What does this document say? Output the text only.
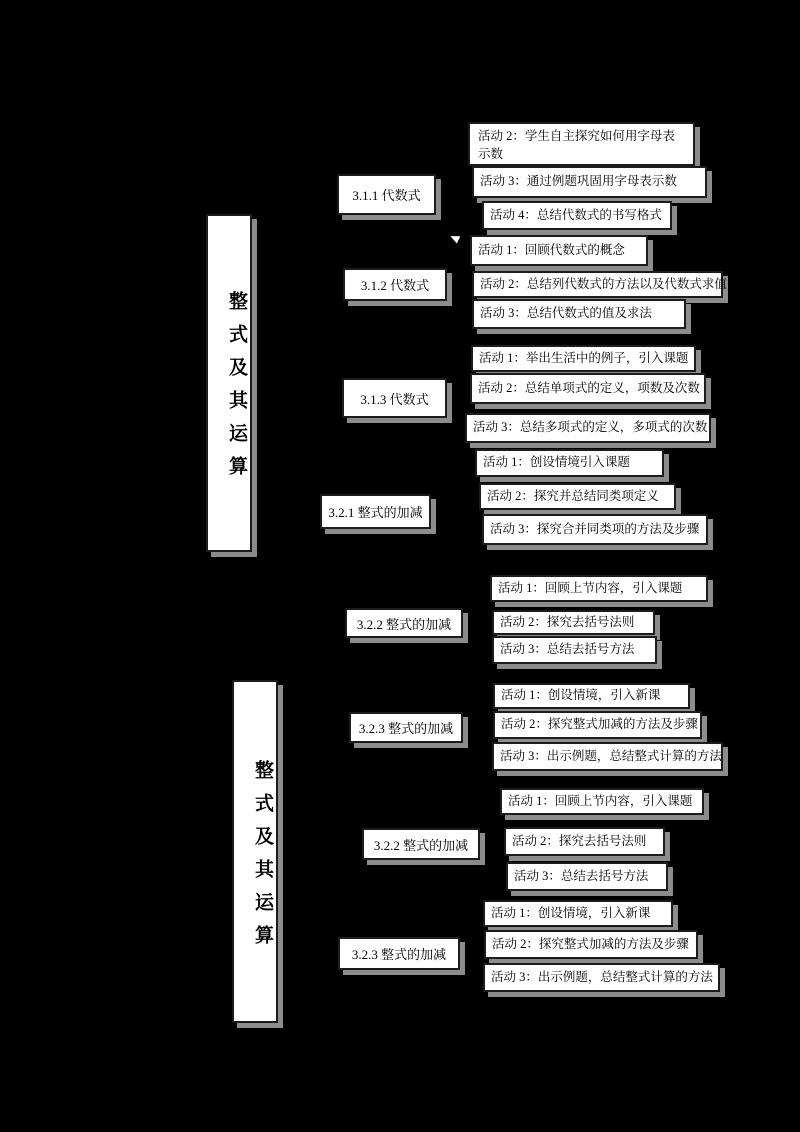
整式及其运算
整式及其运算
3.1.1 代数式
活动 2：学生自主探究如何用字母表示数
活动 3：通过例题巩固用字母表示数
活动 4：总结代数式的书写格式
3.1.2 代数式
活动 1：回顾代数式的概念
活动 2：总结列代数式的方法以及代数式求值
活动 3：总结代数式的值及求法
3.1.3 代数式
活动 1：举出生活中的例子，引入课题
活动 2：总结单项式的定义，项数及次数
活动 3：总结多项式的定义，多项式的次数
3.2.1 整式的加减
活动 1：创设情境引入课题
活动 2：探究并总结同类项定义
活动 3：探究合并同类项的方法及步骤
3.2.2 整式的加减
活动 1：回顾上节内容，引入课题
活动 2：探究去括号法则
活动 3：总结去括号方法
3.2.3 整式的加减
活动 1：创设情境，引入新课
活动 2：探究整式加减的方法及步骤
活动 3：出示例题，总结整式计算的方法
3.2.2 整式的加减
活动 1：回顾上节内容，引入课题
活动 2：探究去括号法则
活动 3：总结去括号方法
3.2.3 整式的加减
活动 1：创设情境，引入新课
活动 2：探究整式加减的方法及步骤
活动 3：出示例题，总结整式计算的方法
